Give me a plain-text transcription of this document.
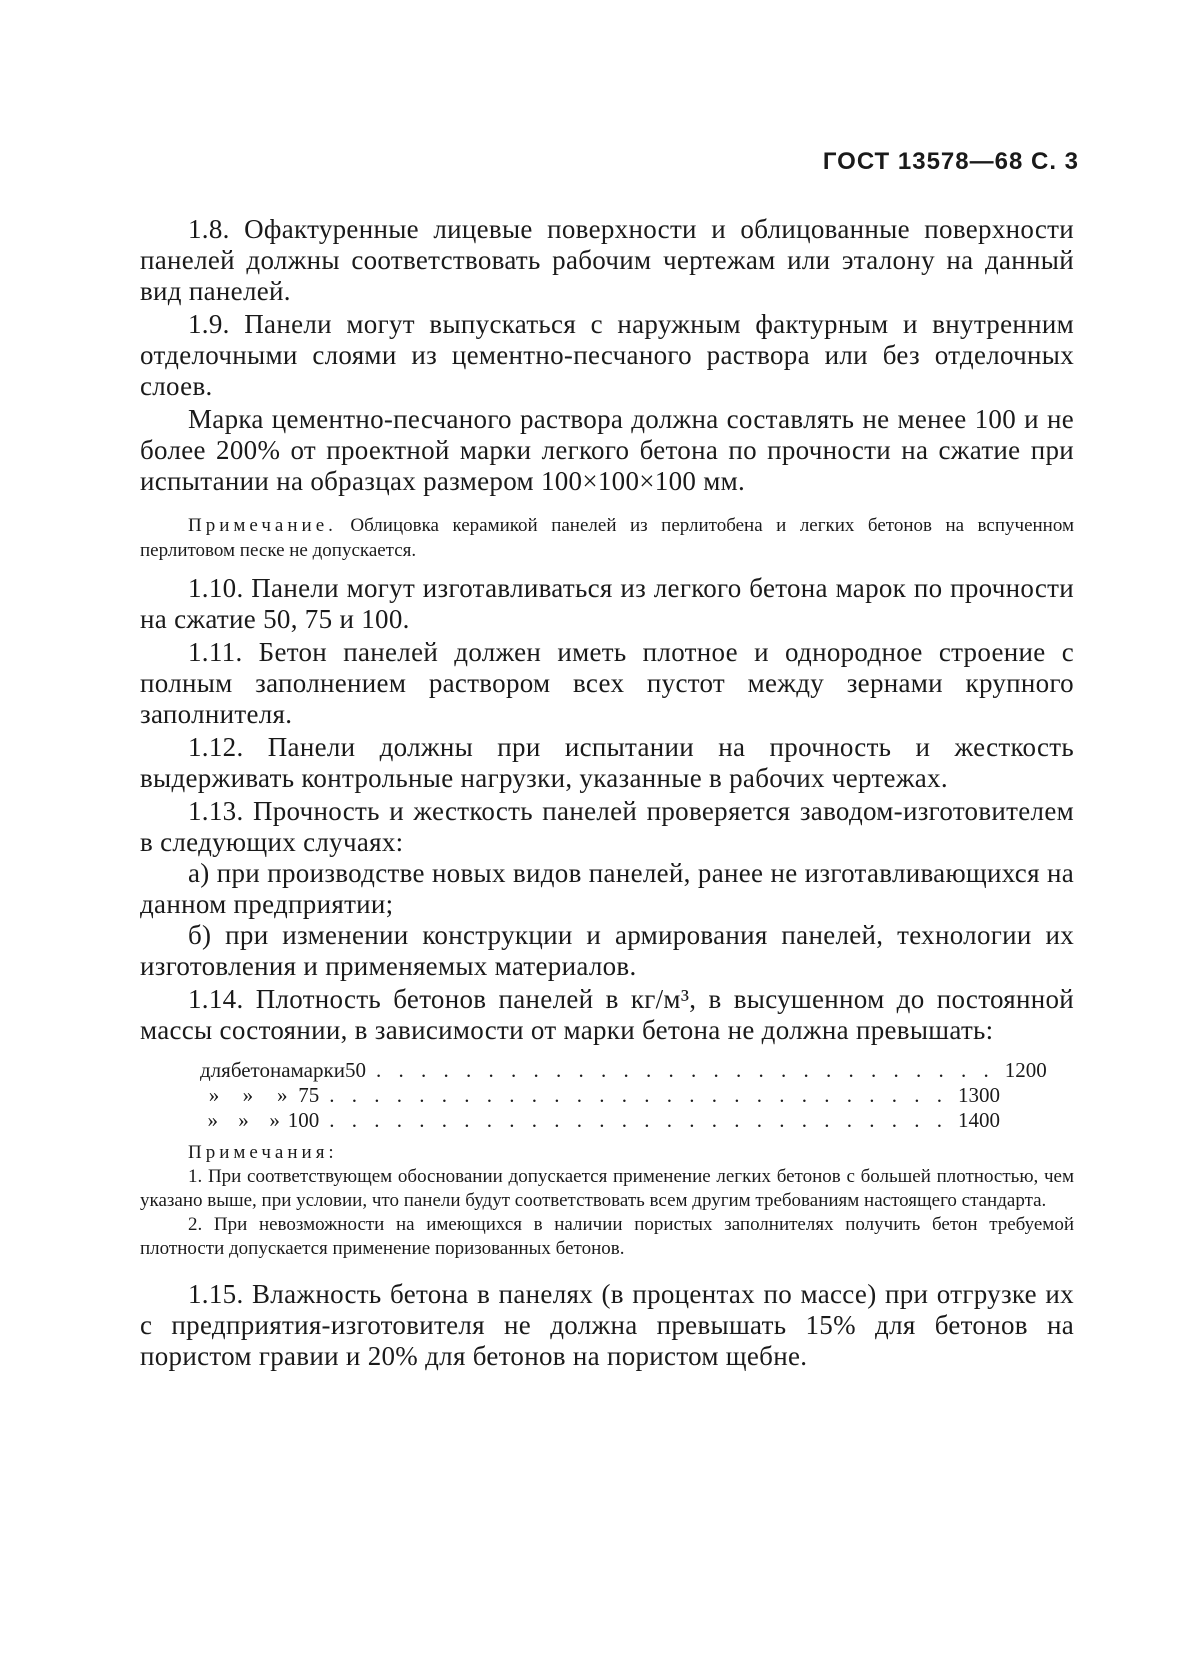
ГОСТ 13578—68 С. 3

1.8. Офактуренные лицевые поверхности и облицованные поверхности панелей должны соответствовать рабочим чертежам или эталону на данный вид панелей.

1.9. Панели могут выпускаться с наружным фактурным и внутренним отделочными слоями из цементно-песчаного раствора или без отделочных слоев.

Марка цементно-песчаного раствора должна составлять не менее 100 и не более 200% от проектной марки легкого бетона по прочности на сжатие при испытании на образцах размером 100×100×100 мм.

Примечание. Облицовка керамикой панелей из перлитобена и легких бетонов на вспученном перлитовом песке не допускается.

1.10. Панели могут изготавливаться из легкого бетона марок по прочности на сжатие 50, 75 и 100.

1.11. Бетон панелей должен иметь плотное и однородное строение с полным заполнением раствором всех пустот между зернами крупного заполнителя.

1.12. Панели должны при испытании на прочность и жесткость выдерживать контрольные нагрузки, указанные в рабочих чертежах.

1.13. Прочность и жесткость панелей проверяется заводом-изготовителем в следующих случаях:

а) при производстве новых видов панелей, ранее не изготавливающихся на данном предприятии;

б) при изменении конструкции и армирования панелей, технологии их изготовления и применяемых материалов.

1.14. Плотность бетонов панелей в кг/м³, в высушенном до постоянной массы состоянии, в зависимости от марки бетона не должна превышать:

для бетона марки 50 . . . . . . . . . . . . . . . . . . . . . . . . . . . . 1200
»	»	» 75 . . . . . . . . . . . . . . . . . . . . . . . . . . . . 1300
» » » 100 . . . . . . . . . . . . . . . . . . . . . . . . . . . . 1400

Примечания:

1. При соответствующем обосновании допускается применение легких бетонов с большей плотностью, чем указано выше, при условии, что панели будут соответствовать всем другим требованиям настоящего стандарта.

2. При невозможности на имеющихся в наличии пористых заполнителях получить бетон требуемой плотности допускается применение поризованных бетонов.

1.15. Влажность бетона в панелях (в процентах по массе) при отгрузке их с предприятия-изготовителя не должна превышать 15% для бетонов на пористом гравии и 20% для бетонов на пористом щебне.
